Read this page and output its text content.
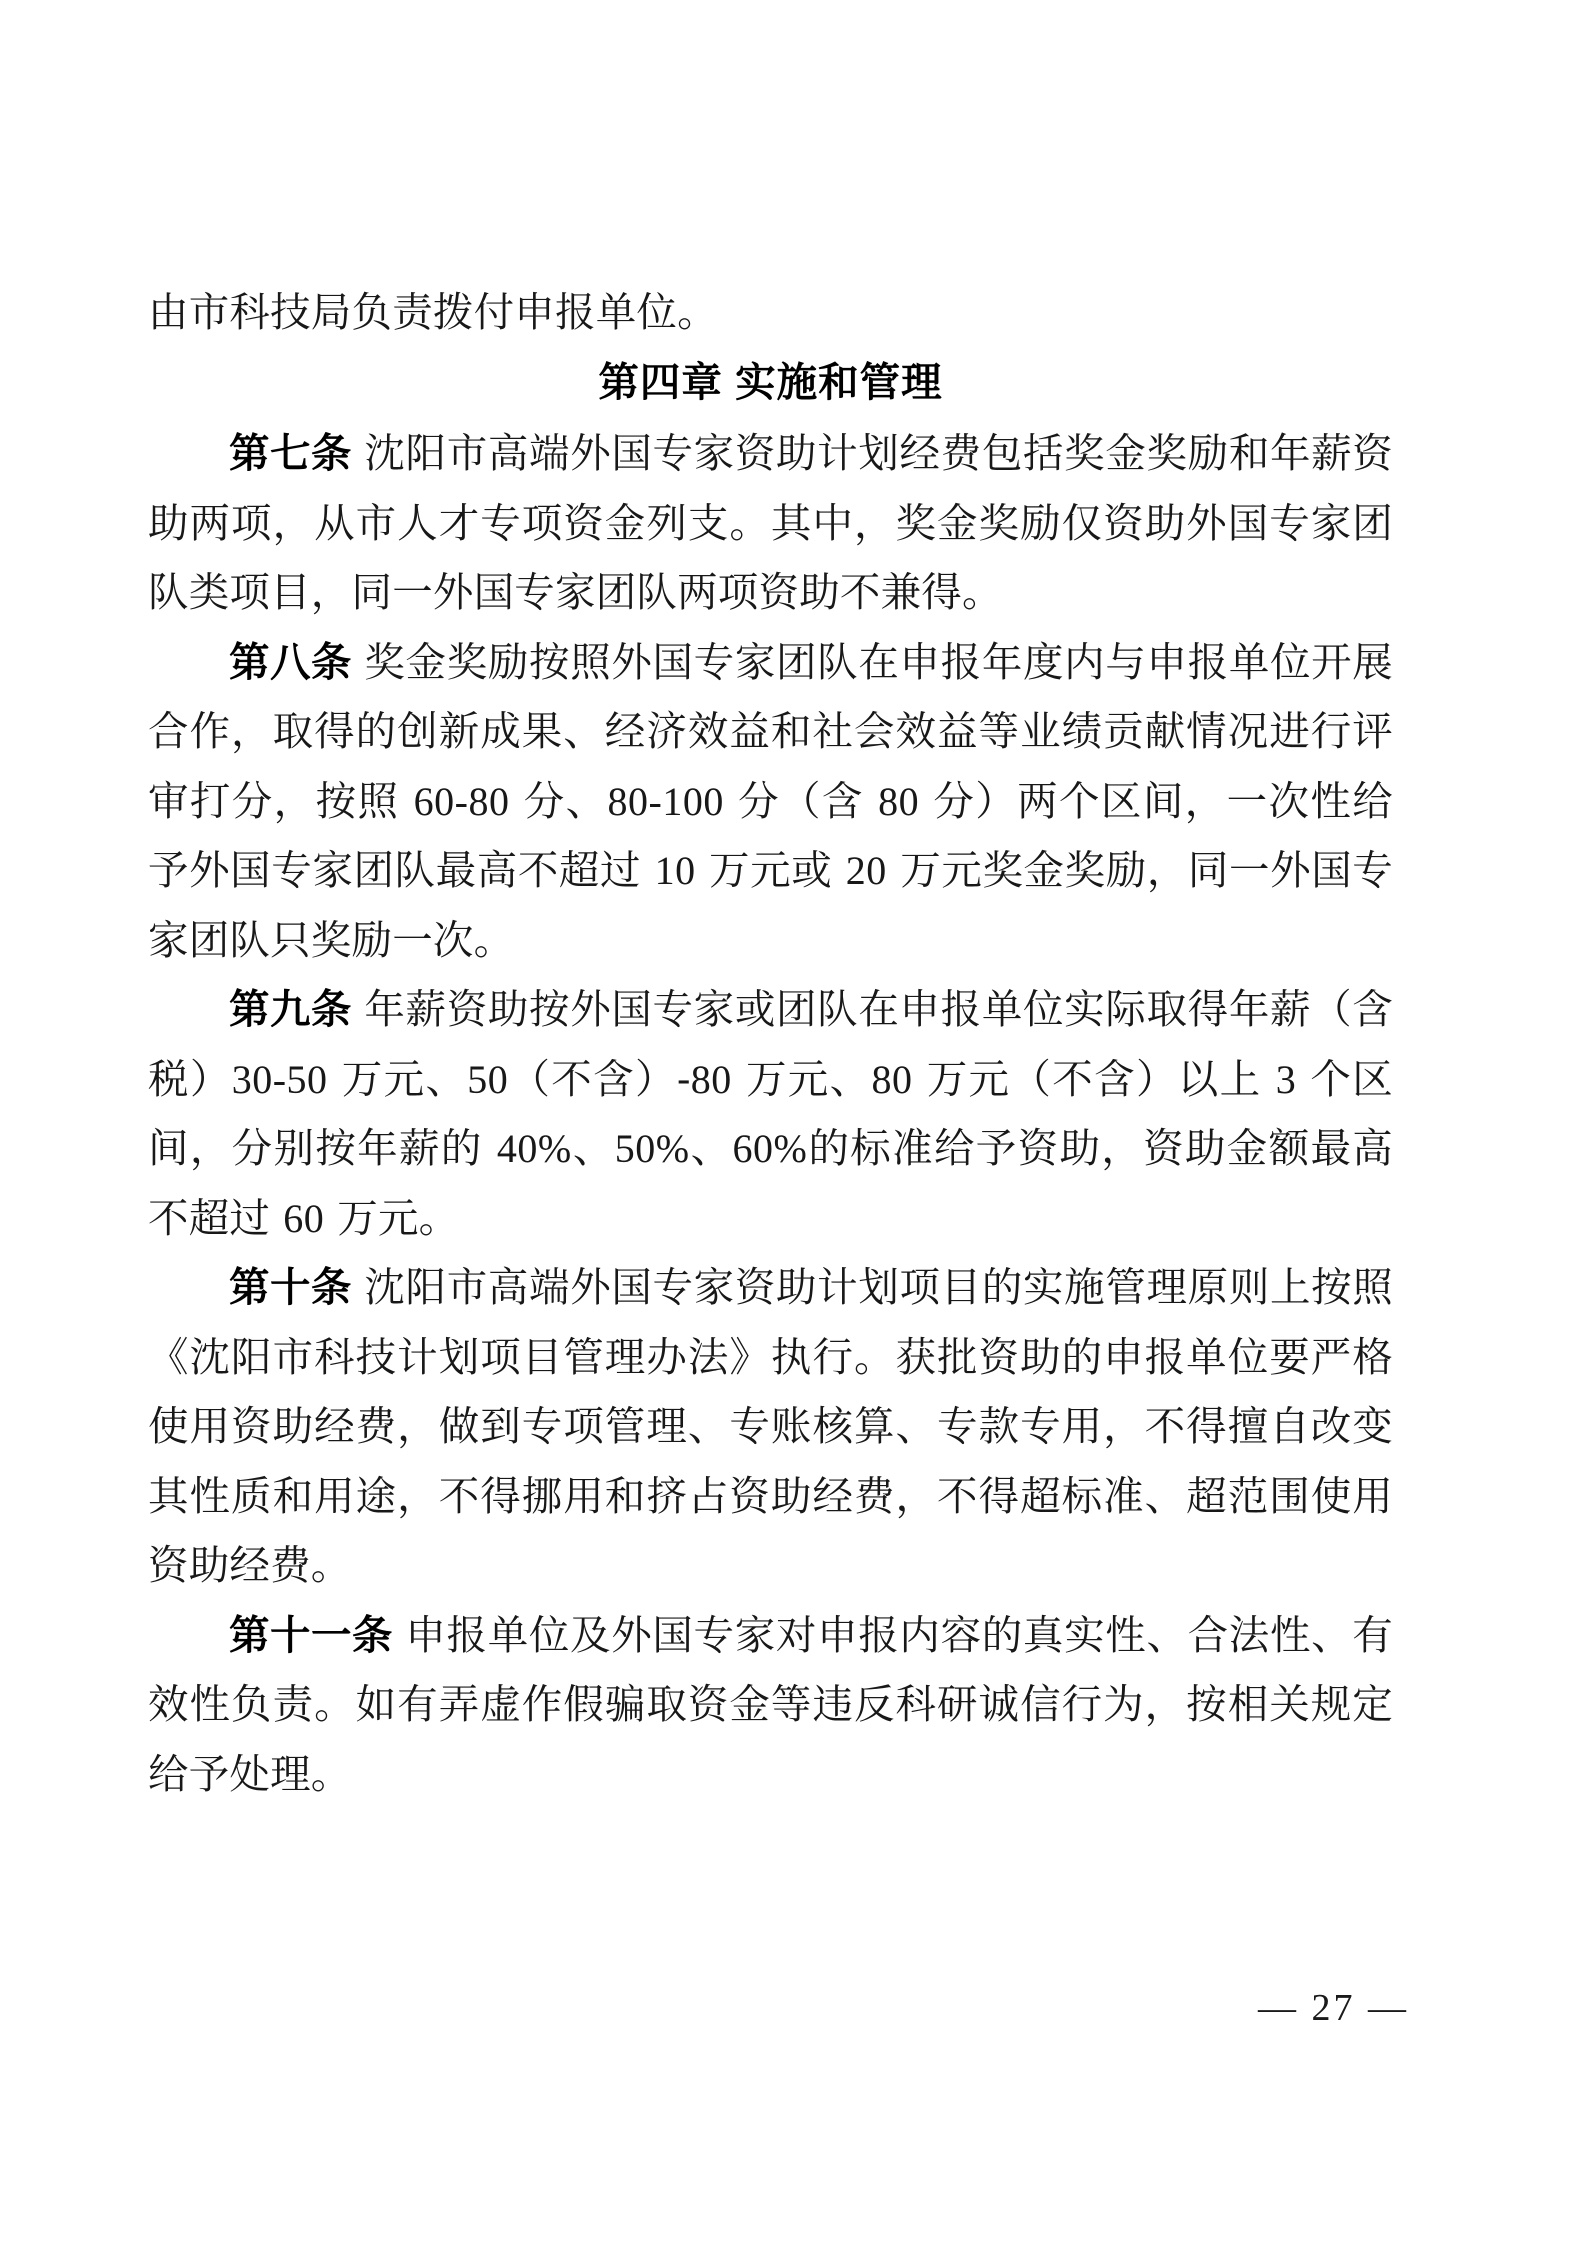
由市科技局负责拨付申报单位。

第四章 实施和管理

第七条 沈阳市高端外国专家资助计划经费包括奖金奖励和年薪资助两项，从市人才专项资金列支。其中，奖金奖励仅资助外国专家团队类项目，同一外国专家团队两项资助不兼得。

第八条 奖金奖励按照外国专家团队在申报年度内与申报单位开展合作，取得的创新成果、经济效益和社会效益等业绩贡献情况进行评审打分，按照 60-80 分、80-100 分（含 80 分）两个区间，一次性给予外国专家团队最高不超过 10 万元或 20 万元奖金奖励，同一外国专家团队只奖励一次。

第九条 年薪资助按外国专家或团队在申报单位实际取得年薪（含税）30-50 万元、50（不含）-80 万元、80 万元（不含）以上 3 个区间，分别按年薪的 40%、50%、60%的标准给予资助，资助金额最高不超过 60 万元。

第十条 沈阳市高端外国专家资助计划项目的实施管理原则上按照《沈阳市科技计划项目管理办法》执行。获批资助的申报单位要严格使用资助经费，做到专项管理、专账核算、专款专用，不得擅自改变其性质和用途，不得挪用和挤占资助经费，不得超标准、超范围使用资助经费。

第十一条 申报单位及外国专家对申报内容的真实性、合法性、有效性负责。如有弄虚作假骗取资金等违反科研诚信行为，按相关规定给予处理。

— 27 —
